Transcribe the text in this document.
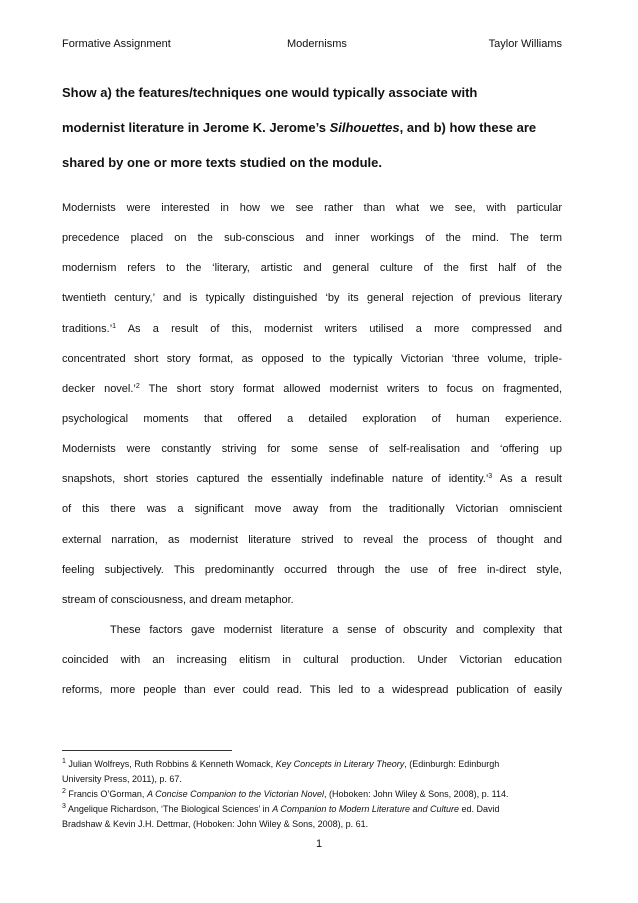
Formative Assignment	Modernisms	Taylor Williams
Show a) the features/techniques one would typically associate with
modernist literature in Jerome K. Jerome’s Silhouettes, and b) how these are
shared by one or more texts studied on the module.
Modernists were interested in how we see rather than what we see, with particular
precedence placed on the sub-conscious and inner workings of the mind. The term
modernism refers to the ‘literary, artistic and general culture of the first half of the
twentieth century,’ and is typically distinguished ‘by its general rejection of previous literary
traditions.’$^1$ As a result of this, modernist writers utilised a more compressed and
concentrated short story format, as opposed to the typically Victorian ‘three volume, triple-
decker novel.’$^2$ The short story format allowed modernist writers to focus on fragmented,
psychological moments that offered a detailed exploration of human experience.
Modernists were constantly striving for some sense of self-realisation and ‘offering up
snapshots, short stories captured the essentially indefinable nature of identity.’$^3$ As a result
of this there was a significant move away from the traditionally Victorian omniscient
external narration, as modernist literature strived to reveal the process of thought and
feeling subjectively. This predominantly occurred through the use of free in-direct style,
stream of consciousness, and dream metaphor.
These factors gave modernist literature a sense of obscurity and complexity that
coincided with an increasing elitism in cultural production. Under Victorian education
reforms, more people than ever could read. This led to a widespread publication of easily
$^1$ Julian Wolfreys, Ruth Robbins & Kenneth Womack, Key Concepts in Literary Theory, (Edinburgh: Edinburgh
University Press, 2011), p. 67.
$^2$ Francis O’Gorman, A Concise Companion to the Victorian Novel, (Hoboken: John Wiley & Sons, 2008), p. 114.
$^3$ Angelique Richardson, ‘The Biological Sciences’ in A Companion to Modern Literature and Culture ed. David
Bradshaw & Kevin J.H. Dettmar, (Hoboken: John Wiley & Sons, 2008), p. 61.
1
